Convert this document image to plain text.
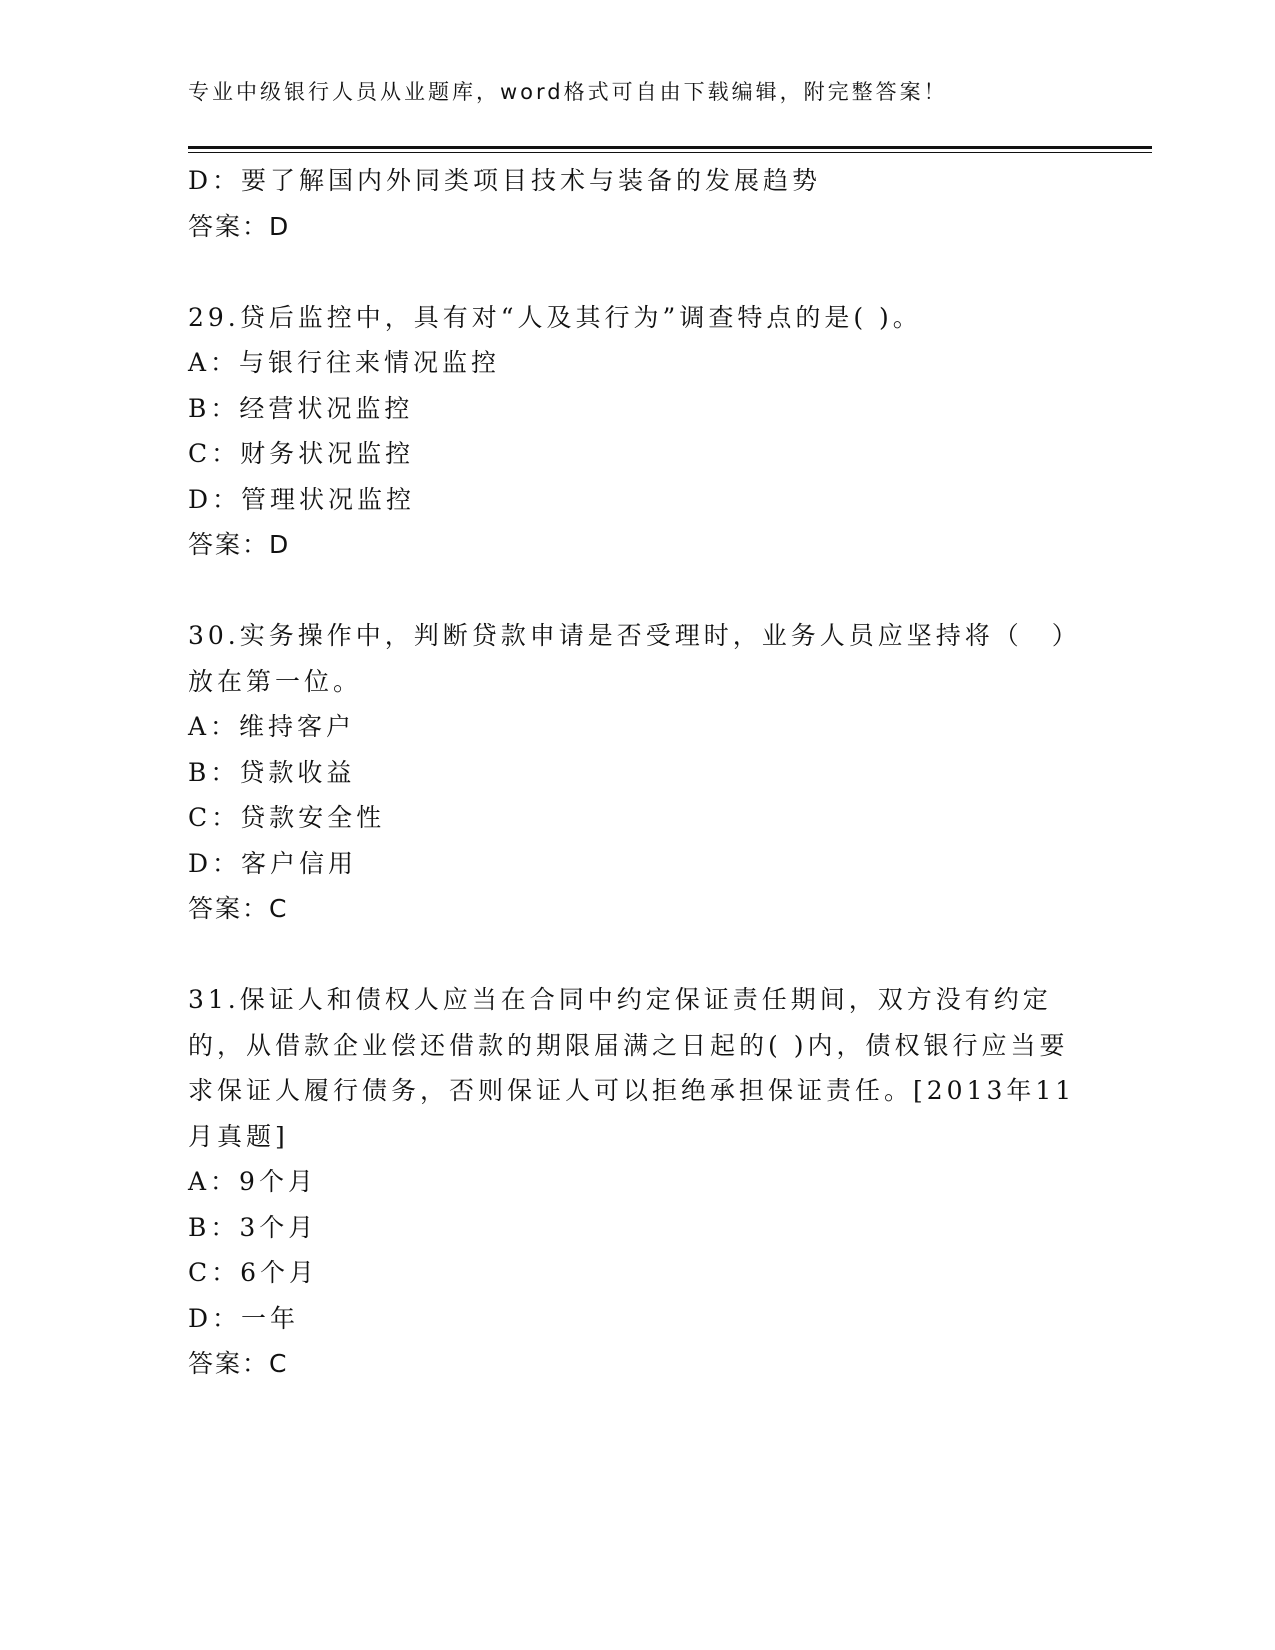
专业中级银行人员从业题库，word格式可自由下载编辑，附完整答案！
D：要了解国内外同类项目技术与装备的发展趋势
答案：D
29.贷后监控中，具有对“人及其行为”调查特点的是( )。
A：与银行往来情况监控
B：经营状况监控
C：财务状况监控
D：管理状况监控
答案：D
30.实务操作中，判断贷款申请是否受理时，业务人员应坚持将（　）放在第一位。
A：维持客户
B：贷款收益
C：贷款安全性
D：客户信用
答案：C
31.保证人和债权人应当在合同中约定保证责任期间，双方没有约定的，从借款企业偿还借款的期限届满之日起的( )内，债权银行应当要求保证人履行债务，否则保证人可以拒绝承担保证责任。[2013年11月真题]
A：9个月
B：3个月
C：6个月
D：一年
答案：C
